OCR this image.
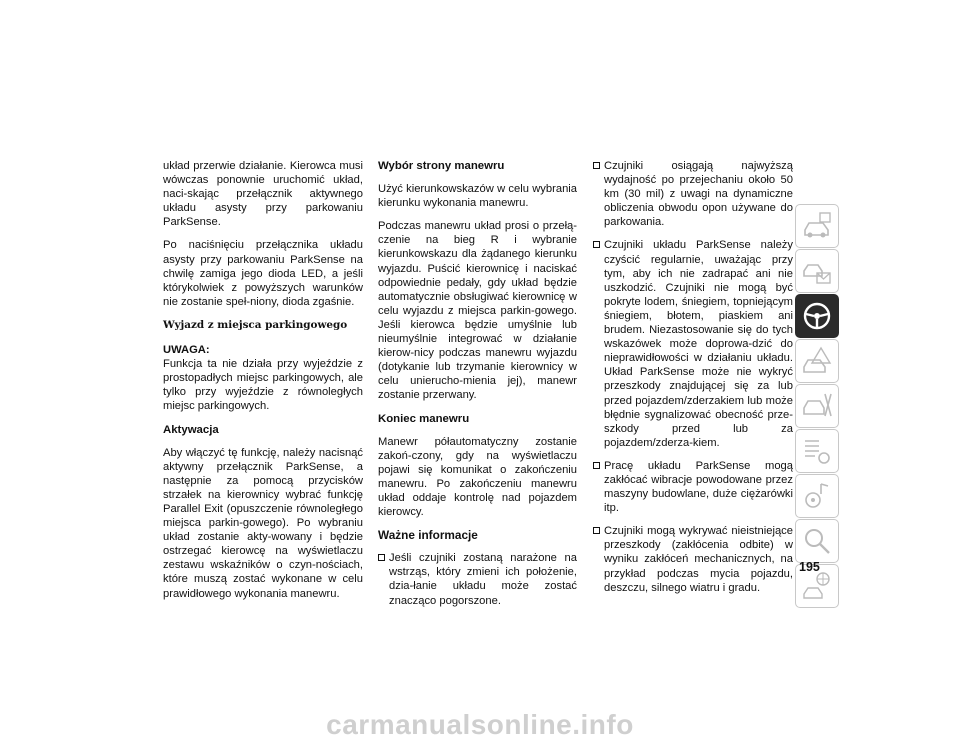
układ przerwie działanie. Kierowca musi wówczas ponownie uruchomić układ, naci-skając przełącznik aktywnego układu asysty przy parkowaniu ParkSense.

Po naciśnięciu przełącznika układu asysty przy parkowaniu ParkSense na chwilę zamiga jego dioda LED, a jeśli którykolwiek z powyższych warunków nie zostanie speł-niony, dioda zgaśnie.

Wyjazd z miejsca parkingowego
UWAGA:

Funkcja ta nie działa przy wyjeździe z prostopadłych miejsc parkingowych, ale tylko przy wyjeździe z równoległych miejsc parkingowych.

Aktywacja

Aby włączyć tę funkcję, należy nacisnąć aktywny przełącznik ParkSense, a następnie za pomocą przycisków strzałek na kierownicy wybrać funkcję Parallel Exit (opuszczenie równoległego miejsca parkin-gowego). Po wybraniu układ zostanie akty-wowany i będzie ostrzegać kierowcę na wyświetlaczu zestawu wskaźników o czyn-nościach, które muszą zostać wykonane w celu prawidłowego wykonania manewru.

Wybór strony manewru

Użyć kierunkowskazów w celu wybrania kierunku wykonania manewru.

Podczas manewru układ prosi o przełą-czenie na bieg R i wybranie kierunkowskazu dla żądanego kierunku wyjazdu. Puścić kierownicę i naciskać odpowiednie pedały, gdy układ będzie automatycznie obsługiwać kierownicę w celu wyjazdu z miejsca parkin-gowego. Jeśli kierowca będzie umyślnie lub nieumyślnie integrować w działanie kierow-nicy podczas manewru wyjazdu (dotykanie lub trzymanie kierownicy w celu unierucho-mienia jej), manewr zostanie przerwany.

Koniec manewru

Manewr półautomatyczny zostanie zakoń-czony, gdy na wyświetlaczu pojawi się komunikat o zakończeniu manewru. Po zakończeniu manewru układ oddaje kontrolę nad pojazdem kierowcy.

Ważne informacje
Jeśli czujniki zostaną narażone na wstrząs, który zmieni ich położenie, dzia-łanie układu może zostać znacząco pogorszone.
Czujniki osiągają najwyższą wydajność po przejechaniu około 50 km (30 mil) z uwagi na dynamiczne obliczenia obwodu opon używane do parkowania.
Czujniki układu ParkSense należy czyścić regularnie, uważając przy tym, aby ich nie zadrapać ani nie uszkodzić. Czujniki nie mogą być pokryte lodem, śniegiem, topniejącym śniegiem, błotem, piaskiem ani brudem. Niezastosowanie się do tych wskazówek może doprowa-dzić do nieprawidłowości w działaniu układu. Układ ParkSense może nie wykryć przeszkody znajdującej się za lub przed pojazdem/zderzakiem lub może błędnie sygnalizować obecność prze-szkody przed lub za pojazdem/zderza-kiem.
Pracę układu ParkSense mogą zakłócać wibracje powodowane przez maszyny budowlane, duże ciężarówki itp.
Czujniki mogą wykrywać nieistniejące przeszkody (zakłócenia odbite) w wyniku zakłóceń mechanicznych, na przykład podczas mycia pojazdu, deszczu, silnego wiatru i gradu.
195
carmanualsonline.info
